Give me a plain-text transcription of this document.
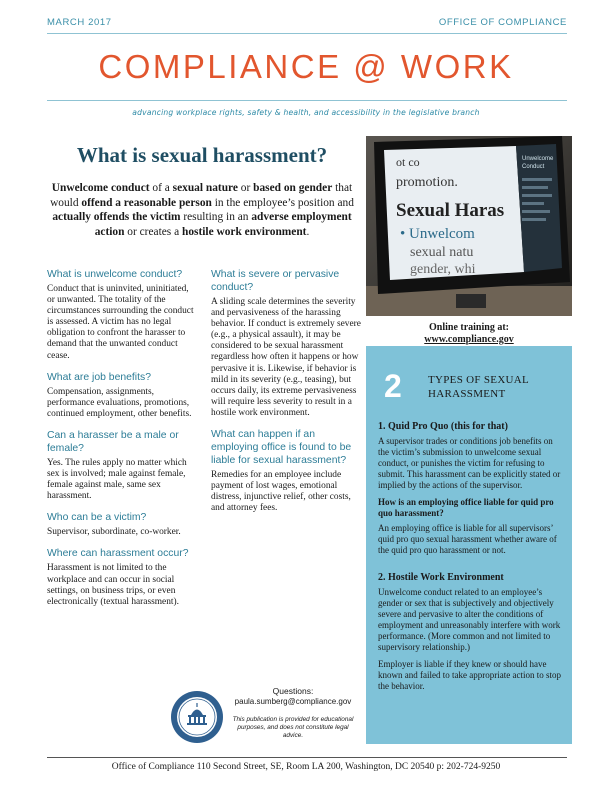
MARCH 2017	OFFICE OF COMPLIANCE
COMPLIANCE @ WORK
advancing workplace rights, safety & health, and accessibility in the legislative branch
What is sexual harassment?

Unwelcome conduct of a sexual nature or based on gender that would offend a reasonable person in the employee’s position and actually offends the victim resulting in an adverse employment action or creates a hostile work environment.

What is unwelcome conduct?
Conduct that is uninvited, uninitiated, or unwanted. The totality of the circumstances surrounding the conduct is assessed. A victim has no legal obligation to confront the harasser to demand that the unwanted conduct cease.
What are job benefits?
Compensation, assignments, performance evaluations, promotions, continued employment, other benefits.
Can a harasser be a male or female?
Yes. The rules apply no matter which sex is involved; male against female, female against male, same sex harassment.
Who can be a victim?
Supervisor, subordinate, co-worker.
Where can harassment occur?
Harassment is not limited to the workplace and can occur in social settings, on business trips, or even electronically (textual harassment).
What is severe or pervasive conduct?
A sliding scale determines the severity and pervasiveness of the harassing behavior. If conduct is extremely severe (e.g., a physical assault), it may be considered to be sexual harassment regardless how often it happens or how pervasive it is. Likewise, if behavior is mild in its severity (e.g., teasing), but occurs daily, its extreme pervasiveness will require less severity to result in a hostile work environment.
What can happen if an employing office is found to be liable for sexual harassment?
Remedies for an employee include payment of lost wages, emotional distress, injunctive relief, other costs, and attorney fees.
ot co
promotion.
Sexual Haras
• Unwelcom
sexual natu
gender, whi
Unwelcome
Conduct
Online training at:
www.compliance.gov
2 TYPES OF SEXUAL HARASSMENT
1. Quid Pro Quo (this for that)
A supervisor trades or conditions job benefits on the victim’s submission to unwelcome sexual conduct, or punishes the victim for refusing to submit. This harassment can be explicitly stated or implied by the actions of the supervisor.
How is an employing office liable for quid pro quo harassment?
An employing office is liable for all supervisors’ quid pro quo sexual harassment whether aware of the quid pro quo harassment or not.
2. Hostile Work Environment
Unwelcome conduct related to an employee’s gender or sex that is subjectively and objectively severe and pervasive to alter the conditions of employment and unreasonably interfere with work performance. (More common and not limited to supervisory relationship.)
Employer is liable if they knew or should have known and failed to take appropriate action to stop the behavior.
Questions:
paula.sumberg@compliance.gov
This publication is provided for educational purposes, and does not constitute legal advice.
Office of Compliance 110 Second Street, SE, Room LA 200, Washington, DC 20540 p: 202-724-9250
